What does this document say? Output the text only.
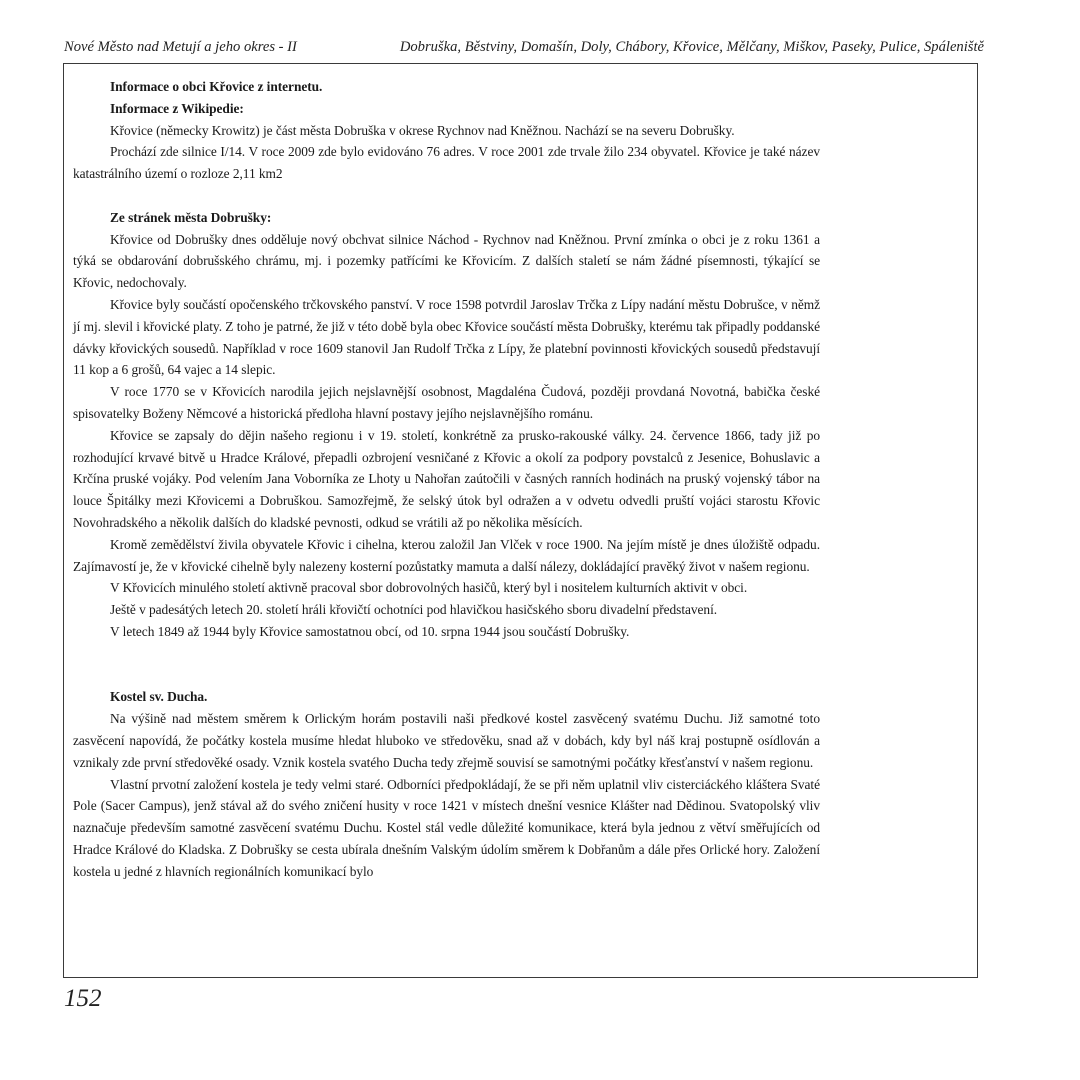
Nové Město nad Metují a jeho okres - II	Dobruška, Běstviny, Domašín, Doly, Chábory, Křovice, Mělčany, Miškov, Paseky, Pulice, Spáleniště

Informace o obci Křovice z internetu.

Informace z Wikipedie:

Křovice (německy Krowitz) je část města Dobruška v okrese Rychnov nad Kněžnou. Nachází se na severu Dobrušky.

Prochází zde silnice I/14. V roce 2009 zde bylo evidováno 76 adres. V roce 2001 zde trvale žilo 234 obyvatel. Křovice je také název katastrálního území o rozloze 2,11 km2

Ze stránek města Dobrušky:

Křovice od Dobrušky dnes odděluje nový obchvat silnice Náchod - Rychnov nad Kněžnou. První zmínka o obci je z roku 1361 a týká se obdarování dobrušského chrámu, mj. i pozemky patřícími ke Křovicím. Z dalších staletí se nám žádné písemnosti, týkající se Křovic, nedochovaly.

Křovice byly součástí opočenského trčkovského panství. V roce 1598 potvrdil Jaroslav Trčka z Lípy nadání městu Dobrušce, v němž jí mj. slevil i křovické platy. Z toho je patrné, že již v této době byla obec Křovice součástí města Dobrušky, kterému tak připadly poddanské dávky křovických sousedů. Například v roce 1609 stanovil Jan Rudolf Trčka z Lípy, že platební povinnosti křovických sousedů představují 11 kop a 6 grošů, 64 vajec a 14 slepic.

V roce 1770 se v Křovicích narodila jejich nejslavnější osobnost, Magdaléna Čudová, později provdaná Novotná, babička české spisovatelky Boženy Němcové a historická předloha hlavní postavy jejího nejslavnějšího románu.

Křovice se zapsaly do dějin našeho regionu i v 19. století, konkrétně za prusko-rakouské války. 24. července 1866, tady již po rozhodující krvavé bitvě u Hradce Králové, přepadli ozbrojení vesničané z Křovic a okolí za podpory povstalců z Jesenice, Bohuslavic a Krčína pruské vojáky. Pod velením Jana Voborníka ze Lhoty u Nahořan zaútočili v časných ranních hodinách na pruský vojenský tábor na louce Špitálky mezi Křovicemi a Dobruškou. Samozřejmě, že selský útok byl odražen a v odvetu odvedli pruští vojáci starostu Křovic Novohradského a několik dalších do kladské pevnosti, odkud se vrátili až po několika měsících.

Kromě zemědělství živila obyvatele Křovic i cihelna, kterou založil Jan Vlček v roce 1900. Na jejím místě je dnes úložiště odpadu. Zajímavostí je, že v křovické cihelně byly nalezeny kosterní pozůstatky mamuta a další nálezy, dokládající pravěký život v našem regionu.

V Křovicích minulého století aktivně pracoval sbor dobrovolných hasičů, který byl i nositelem kulturních aktivit v obci.

Ještě v padesátých letech 20. století hráli křovičtí ochotníci pod hlavičkou hasičského sboru divadelní představení.

V letech 1849 až 1944 byly Křovice samostatnou obcí, od 10. srpna 1944 jsou součástí Dobrušky.

Kostel sv. Ducha.

Na výšině nad městem směrem k Orlickým horám postavili naši předkové kostel zasvěcený svatému Duchu. Již samotné toto zasvěcení napovídá, že počátky kostela musíme hledat hluboko ve středověku, snad až v dobách, kdy byl náš kraj postupně osídlován a vznikaly zde první středověké osady. Vznik kostela svatého Ducha tedy zřejmě souvisí se samotnými počátky křesťanství v našem regionu.

Vlastní prvotní založení kostela je tedy velmi staré. Odborníci předpokládají, že se při něm uplatnil vliv cisterciáckého kláštera Svaté Pole (Sacer Campus), jenž stával až do svého zničení husity v roce 1421 v místech dnešní vesnice Klášter nad Dědinou. Svatopolský vliv naznačuje především samotné zasvěcení svatému Duchu. Kostel stál vedle důležité komunikace, která byla jednou z větví směřujících od Hradce Králové do Kladska. Z Dobrušky se cesta ubírala dnešním Valským údolím směrem k Dobřanům a dále přes Orlické hory. Založení kostela u jedné z hlavních regionálních komunikací bylo

152
